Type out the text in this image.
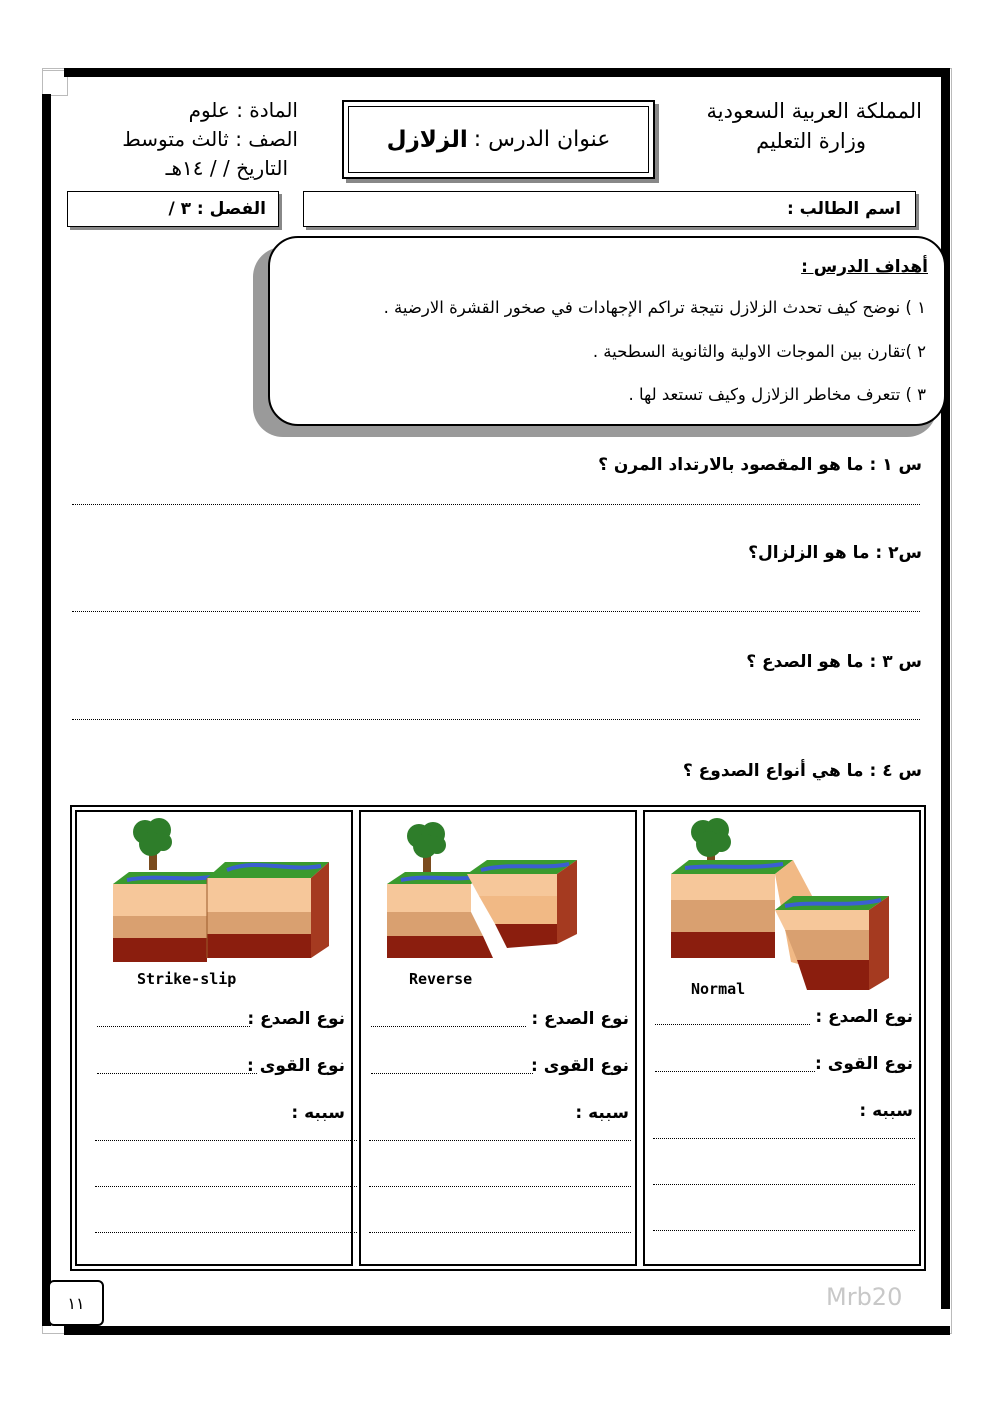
المملكة العربية السعودية
وزارة التعليم
عنوان الدرس :
الزلازل
المادة : علوم
الصف : ثالث متوسط
التاريخ / / ١٤هـ
اسم الطالب :
الفصل : ٣ /
أهداف الدرس :
١ ) نوضح كيف تحدث الزلازل نتيجة تراكم الإجهادات في صخور القشرة الارضية .
٢ )تقارن بين الموجات الاولية والثانوية السطحية .
٣ ) تتعرف مخاطر الزلازل وكيف تستعد لها .
س ١ : ما هو المقصود بالارتداد المرن ؟
س٢ : ما هو الزلزال؟
س ٣ : ما هو الصدع ؟
س ٤ : ما هي أنواع الصدوع ؟
Normal
نوع الصدع :
نوع القوى :
سببه :
Reverse
نوع الصدع :
نوع القوى :
سببه :
Strike-slip
نوع الصدع :
نوع القوى :
سببه :
١١	Mrb20
